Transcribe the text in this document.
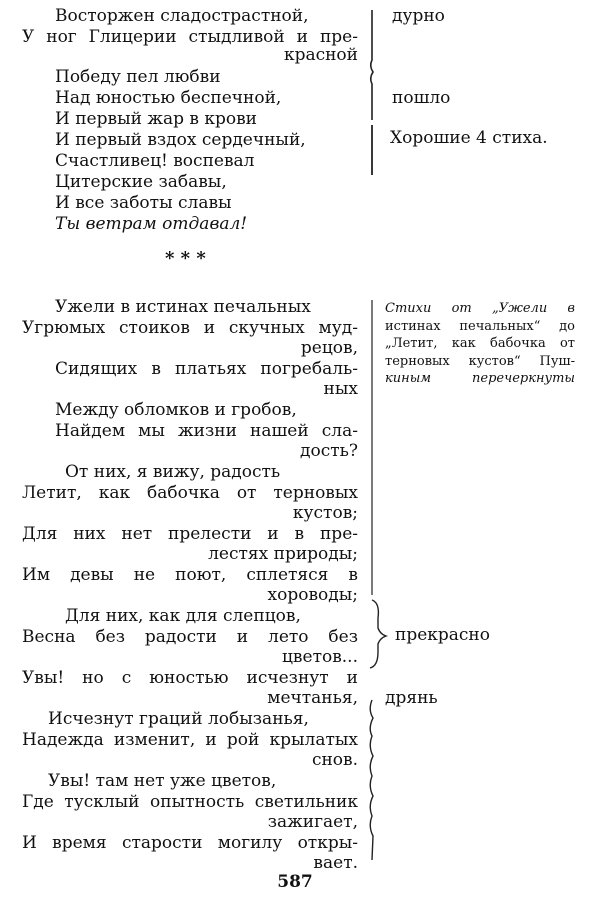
Восторжен сладострастной,
У ног Глицерии стыдливой и пре-
красной
Победу пел любви
Над юностью беспечной,
И первый жар в крови
И первый вздох сердечный,
Счастливец! воспевал
Цитерские забавы,
И все заботы славы
Ты ветрам отдавал!
дурно
пошло
Хорошие 4 стиха.
* * *
Ужели в истинах печальных
Угрюмых стоиков и скучных муд-
рецов,
Сидящих в платьях погребаль-
ных
Между обломков и гробов,
Найдем мы жизни нашей сла-
дость?
От них, я вижу, радость
Летит, как бабочка от терновых
кустов;
Для них нет прелести и в пре-
лестях природы;
Им девы не поют, сплетяся в
хороводы;
Для них, как для слепцов,
Весна без радости и лето без
цветов...
Увы! но с юностью исчезнут и
мечтанья,
Исчезнут граций лобызанья,
Надежда изменит, и рой крылатых
снов.
Увы! там нет уже цветов,
Где тусклый опытность светильник
зажигает,
И время старости могилу откры-
вает.
Стихи от „Ужели в
истинах печальных“ до
„Летит, как бабочка от
терновых кустов“ Пуш-
киным перечеркнуты
прекрасно
дрянь
587
